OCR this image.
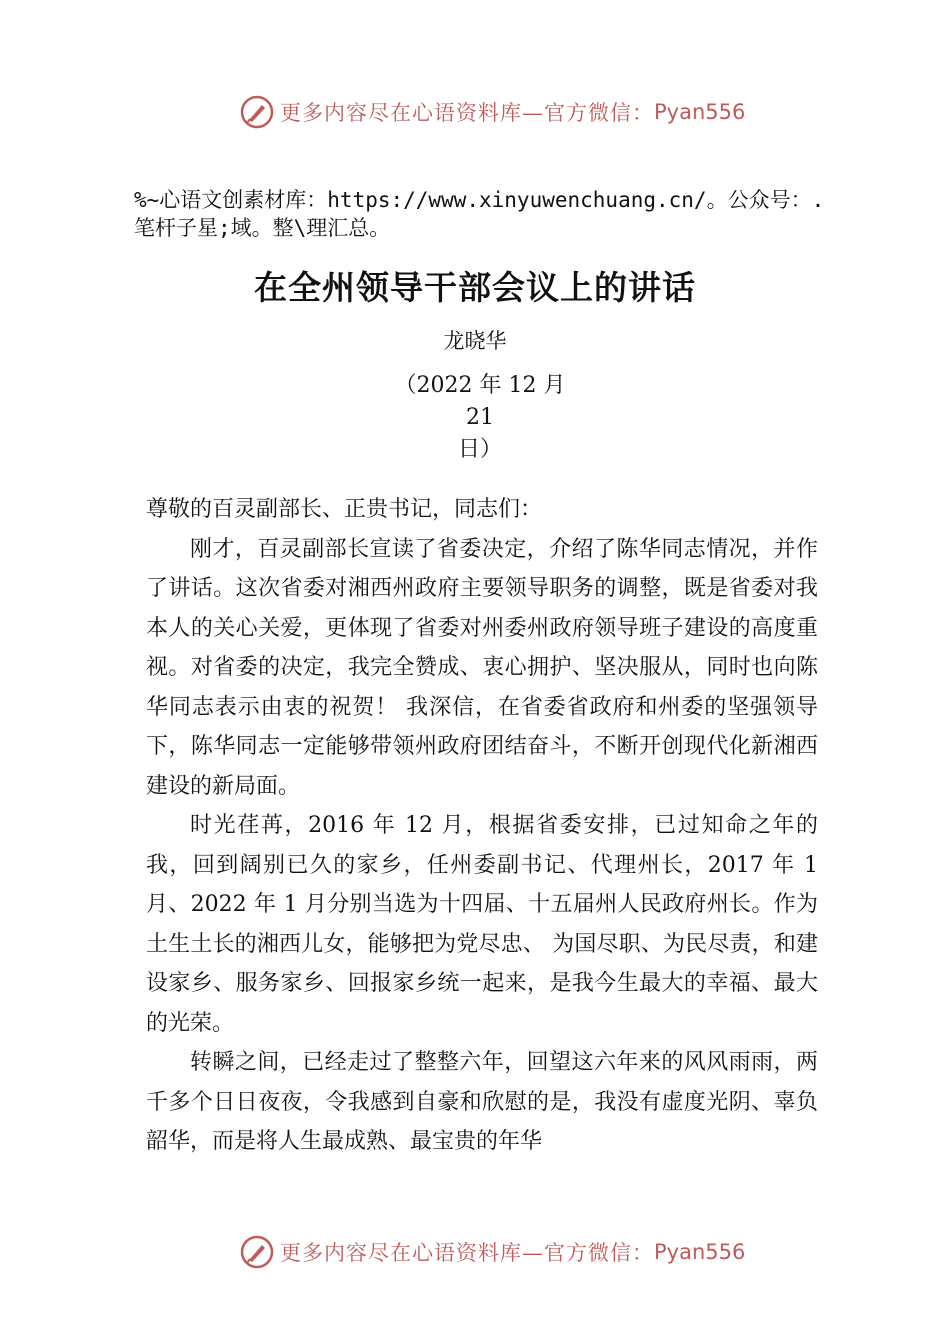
更多内容尽在心语资料库—官方微信： Pyan556
%~心语文创素材库：https://www.xinyuwenchuang.cn/。公众号：.笔杆子星;域。整\理汇总。
在全州领导干部会议上的讲话
龙晓华
（2022 年 12 月 21
日）

尊敬的百灵副部长、正贵书记，同志们：

刚才，百灵副部长宣读了省委决定，介绍了陈华同志情况，并作了讲话。这次省委对湘西州政府主要领导职务的调整，既是省委对我本人的关心关爱，更体现了省委对州委州政府领导班子建设的高度重视。对省委的决定，我完全赞成、衷心拥护、坚决服从，同时也向陈华同志表示由衷的祝贺！ 我深信，在省委省政府和州委的坚强领导下，陈华同志一定能够带领州政府团结奋斗，不断开创现代化新湘西建设的新局面。

时光荏苒，2016 年 12 月，根据省委安排，已过知命之年的我，回到阔别已久的家乡，任州委副书记、代理州长，2017 年 1 月、2022 年 1 月分别当选为十四届、十五届州人民政府州长。作为土生土长的湘西儿女，能够把为党尽忠、 为国尽职、为民尽责，和建设家乡、服务家乡、回报家乡统一起来，是我今生最大的幸福、最大的光荣。

转瞬之间，已经走过了整整六年，回望这六年来的风风雨雨，两千多个日日夜夜，令我感到自豪和欣慰的是，我没有虚度光阴、辜负韶华，而是将人生最成熟、最宝贵的年华

更多内容尽在心语资料库—官方微信： Pyan556
